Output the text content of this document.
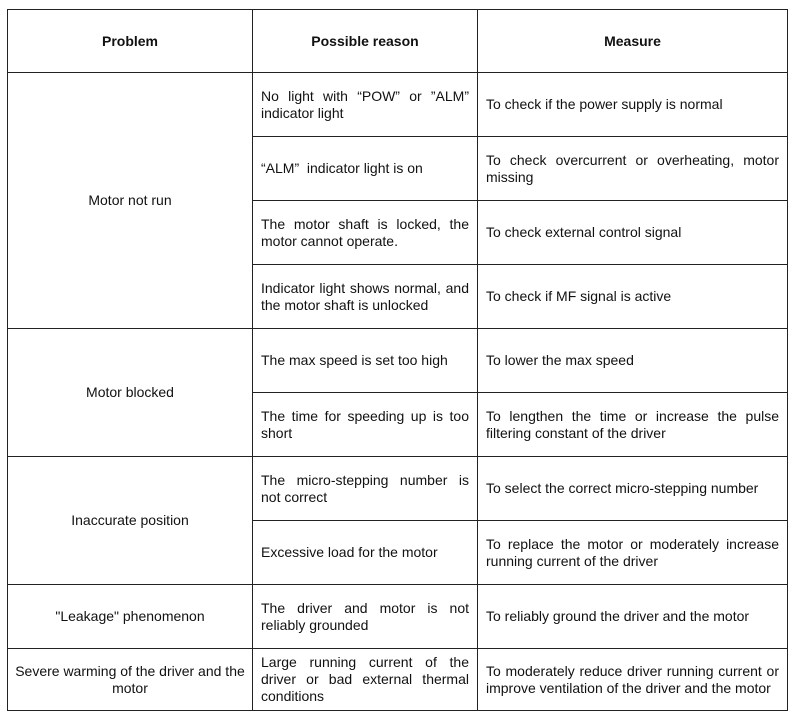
Problem	Possible reason	Measure
Motor not run	No light with “POW” or ”ALM” indicator light	To check if the power supply is normal
	“ALM”  indicator light is on	To check overcurrent or overheating, motor missing
	The motor shaft is locked, the motor cannot operate.	To check external control signal
	Indicator light shows normal, and the motor shaft is unlocked	To check if MF signal is active
Motor blocked	The max speed is set too high	To lower the max speed
	The time for speeding up is too short	To lengthen the time or increase the pulse filtering constant of the driver
Inaccurate position	The micro-stepping number is not correct	To select the correct micro-stepping number
	Excessive load for the motor	To replace the motor or moderately increase running current of the driver
"Leakage" phenomenon	The driver and motor is not reliably grounded	To reliably ground the driver and the motor
Severe warming of the driver and the motor	Large running current of the driver or bad external thermal conditions	To moderately reduce driver running current or improve ventilation of the driver and the motor
